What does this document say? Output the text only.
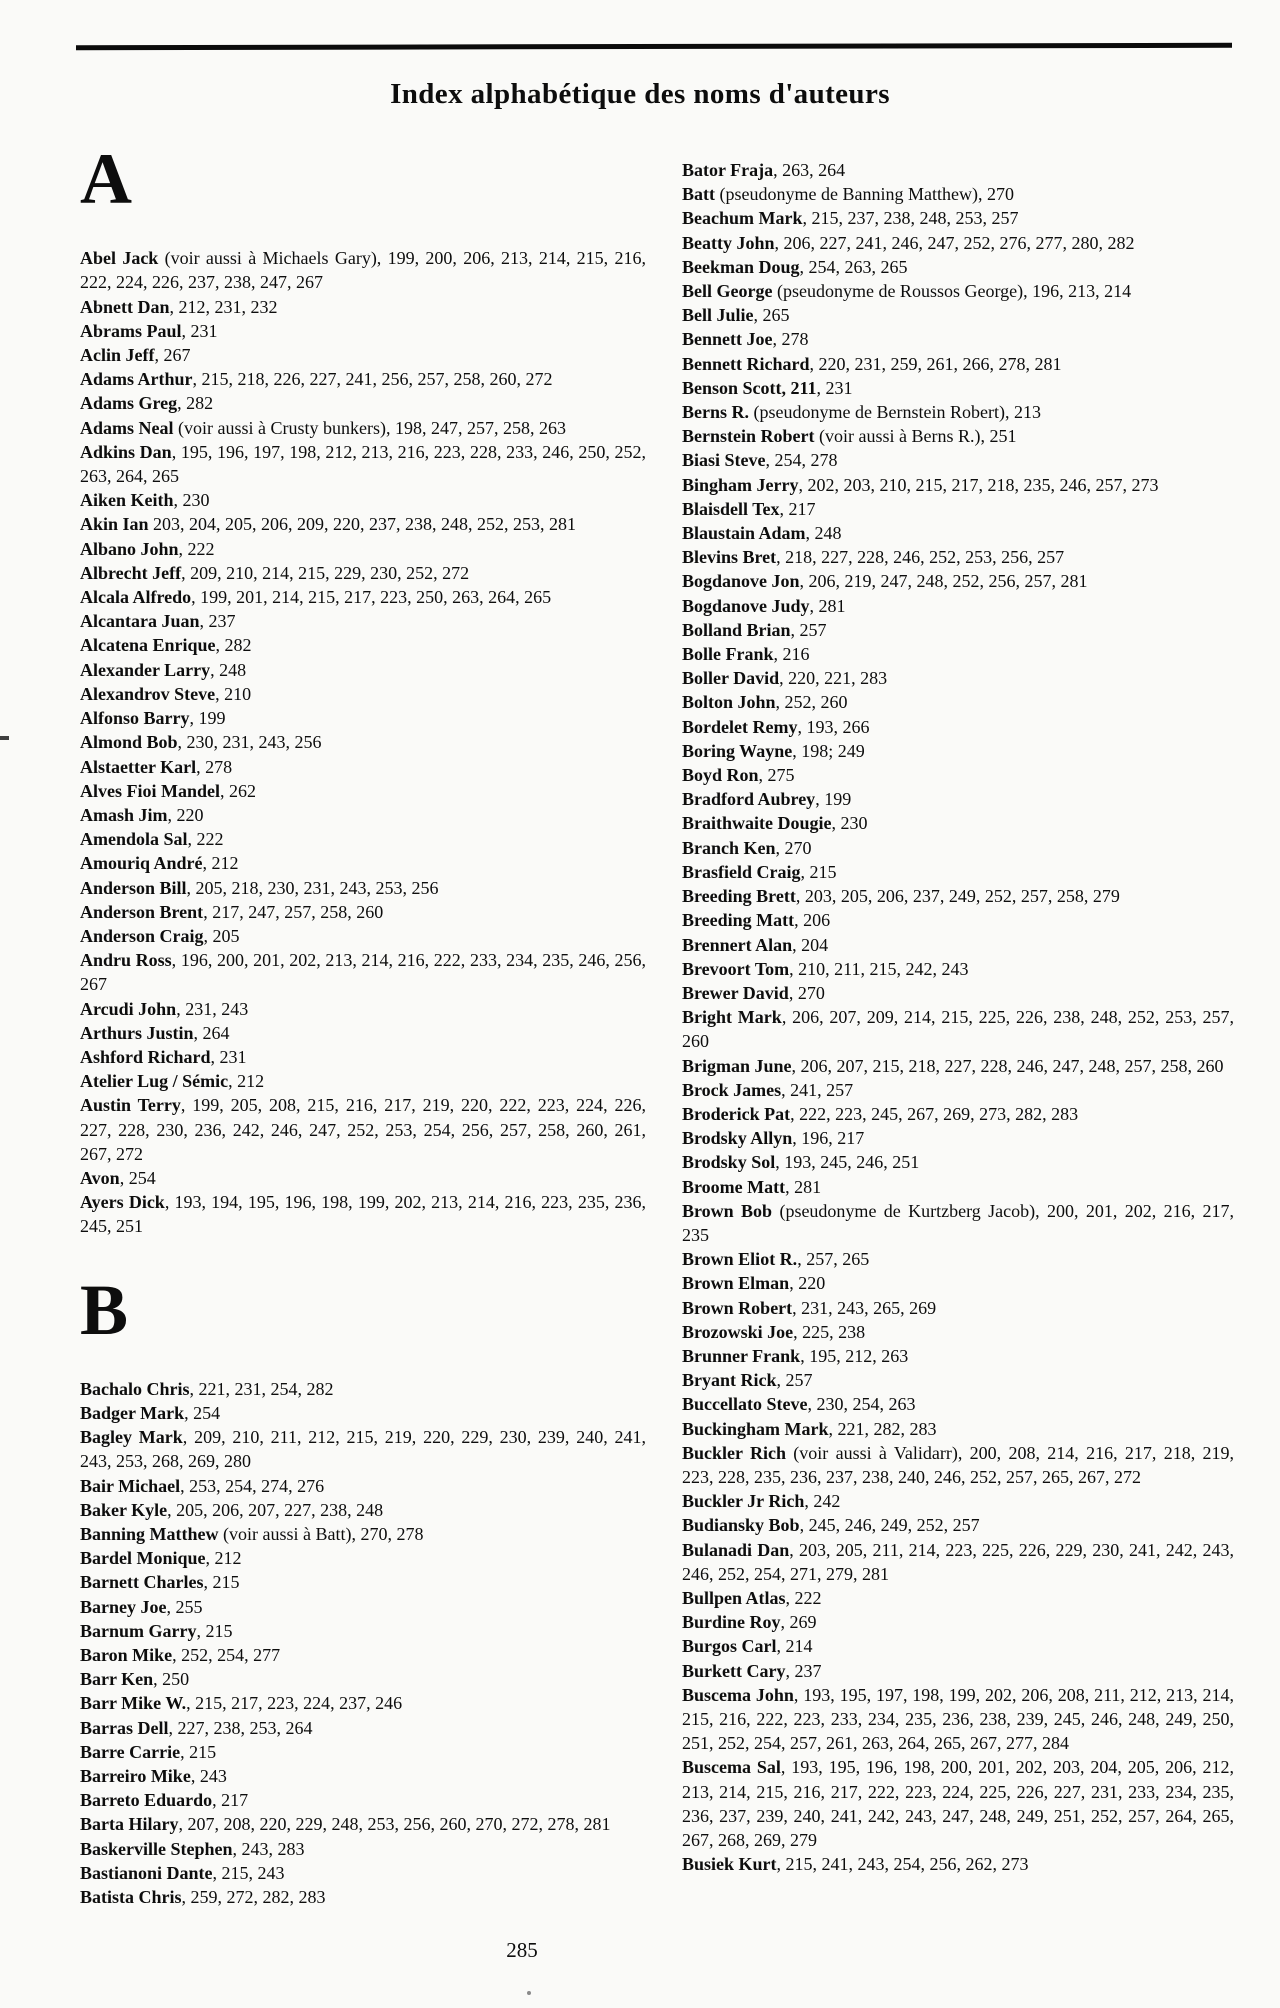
Index alphabétique des noms d'auteurs
A

Abel Jack (voir aussi à Michaels Gary), 199, 200, 206, 213, 214, 215, 216, 222, 224, 226, 237, 238, 247, 267

Abnett Dan, 212, 231, 232

Abrams Paul, 231

Aclin Jeff, 267

Adams Arthur, 215, 218, 226, 227, 241, 256, 257, 258, 260, 272

Adams Greg, 282

Adams Neal (voir aussi à Crusty bunkers), 198, 247, 257, 258, 263

Adkins Dan, 195, 196, 197, 198, 212, 213, 216, 223, 228, 233, 246, 250, 252, 263, 264, 265

Aiken Keith, 230

Akin Ian 203, 204, 205, 206, 209, 220, 237, 238, 248, 252, 253, 281

Albano John, 222

Albrecht Jeff, 209, 210, 214, 215, 229, 230, 252, 272

Alcala Alfredo, 199, 201, 214, 215, 217, 223, 250, 263, 264, 265

Alcantara Juan, 237

Alcatena Enrique, 282

Alexander Larry, 248

Alexandrov Steve, 210

Alfonso Barry, 199

Almond Bob, 230, 231, 243, 256

Alstaetter Karl, 278

Alves Fioi Mandel, 262

Amash Jim, 220

Amendola Sal, 222

Amouriq André, 212

Anderson Bill, 205, 218, 230, 231, 243, 253, 256

Anderson Brent, 217, 247, 257, 258, 260

Anderson Craig, 205

Andru Ross, 196, 200, 201, 202, 213, 214, 216, 222, 233, 234, 235, 246, 256, 267

Arcudi John, 231, 243

Arthurs Justin, 264

Ashford Richard, 231

Atelier Lug / Sémic, 212

Austin Terry, 199, 205, 208, 215, 216, 217, 219, 220, 222, 223, 224, 226, 227, 228, 230, 236, 242, 246, 247, 252, 253, 254, 256, 257, 258, 260, 261, 267, 272

Avon, 254

Ayers Dick, 193, 194, 195, 196, 198, 199, 202, 213, 214, 216, 223, 235, 236, 245, 251

B

Bachalo Chris, 221, 231, 254, 282

Badger Mark, 254

Bagley Mark, 209, 210, 211, 212, 215, 219, 220, 229, 230, 239, 240, 241, 243, 253, 268, 269, 280

Bair Michael, 253, 254, 274, 276

Baker Kyle, 205, 206, 207, 227, 238, 248

Banning Matthew (voir aussi à Batt), 270, 278

Bardel Monique, 212

Barnett Charles, 215

Barney Joe, 255

Barnum Garry, 215

Baron Mike, 252, 254, 277

Barr Ken, 250

Barr Mike W., 215, 217, 223, 224, 237, 246

Barras Dell, 227, 238, 253, 264

Barre Carrie, 215

Barreiro Mike, 243

Barreto Eduardo, 217

Barta Hilary, 207, 208, 220, 229, 248, 253, 256, 260, 270, 272, 278, 281

Baskerville Stephen, 243, 283

Bastianoni Dante, 215, 243

Batista Chris, 259, 272, 282, 283

Bator Fraja, 263, 264

Batt (pseudonyme de Banning Matthew), 270

Beachum Mark, 215, 237, 238, 248, 253, 257

Beatty John, 206, 227, 241, 246, 247, 252, 276, 277, 280, 282

Beekman Doug, 254, 263, 265

Bell George (pseudonyme de Roussos George), 196, 213, 214

Bell Julie, 265

Bennett Joe, 278

Bennett Richard, 220, 231, 259, 261, 266, 278, 281

Benson Scott, 211, 231

Berns R. (pseudonyme de Bernstein Robert), 213

Bernstein Robert (voir aussi à Berns R.), 251

Biasi Steve, 254, 278

Bingham Jerry, 202, 203, 210, 215, 217, 218, 235, 246, 257, 273

Blaisdell Tex, 217

Blaustain Adam, 248

Blevins Bret, 218, 227, 228, 246, 252, 253, 256, 257

Bogdanove Jon, 206, 219, 247, 248, 252, 256, 257, 281

Bogdanove Judy, 281

Bolland Brian, 257

Bolle Frank, 216

Boller David, 220, 221, 283

Bolton John, 252, 260

Bordelet Remy, 193, 266

Boring Wayne, 198; 249

Boyd Ron, 275

Bradford Aubrey, 199

Braithwaite Dougie, 230

Branch Ken, 270

Brasfield Craig, 215

Breeding Brett, 203, 205, 206, 237, 249, 252, 257, 258, 279

Breeding Matt, 206

Brennert Alan, 204

Brevoort Tom, 210, 211, 215, 242, 243

Brewer David, 270

Bright Mark, 206, 207, 209, 214, 215, 225, 226, 238, 248, 252, 253, 257, 260

Brigman June, 206, 207, 215, 218, 227, 228, 246, 247, 248, 257, 258, 260

Brock James, 241, 257

Broderick Pat, 222, 223, 245, 267, 269, 273, 282, 283

Brodsky Allyn, 196, 217

Brodsky Sol, 193, 245, 246, 251

Broome Matt, 281

Brown Bob (pseudonyme de Kurtzberg Jacob), 200, 201, 202, 216, 217, 235

Brown Eliot R., 257, 265

Brown Elman, 220

Brown Robert, 231, 243, 265, 269

Brozowski Joe, 225, 238

Brunner Frank, 195, 212, 263

Bryant Rick, 257

Buccellato Steve, 230, 254, 263

Buckingham Mark, 221, 282, 283

Buckler Rich (voir aussi à Validarr), 200, 208, 214, 216, 217, 218, 219, 223, 228, 235, 236, 237, 238, 240, 246, 252, 257, 265, 267, 272

Buckler Jr Rich, 242

Budiansky Bob, 245, 246, 249, 252, 257

Bulanadi Dan, 203, 205, 211, 214, 223, 225, 226, 229, 230, 241, 242, 243, 246, 252, 254, 271, 279, 281

Bullpen Atlas, 222

Burdine Roy, 269

Burgos Carl, 214

Burkett Cary, 237

Buscema John, 193, 195, 197, 198, 199, 202, 206, 208, 211, 212, 213, 214, 215, 216, 222, 223, 233, 234, 235, 236, 238, 239, 245, 246, 248, 249, 250, 251, 252, 254, 257, 261, 263, 264, 265, 267, 277, 284

Buscema Sal, 193, 195, 196, 198, 200, 201, 202, 203, 204, 205, 206, 212, 213, 214, 215, 216, 217, 222, 223, 224, 225, 226, 227, 231, 233, 234, 235, 236, 237, 239, 240, 241, 242, 243, 247, 248, 249, 251, 252, 257, 264, 265, 267, 268, 269, 279

Busiek Kurt, 215, 241, 243, 254, 256, 262, 273

285
